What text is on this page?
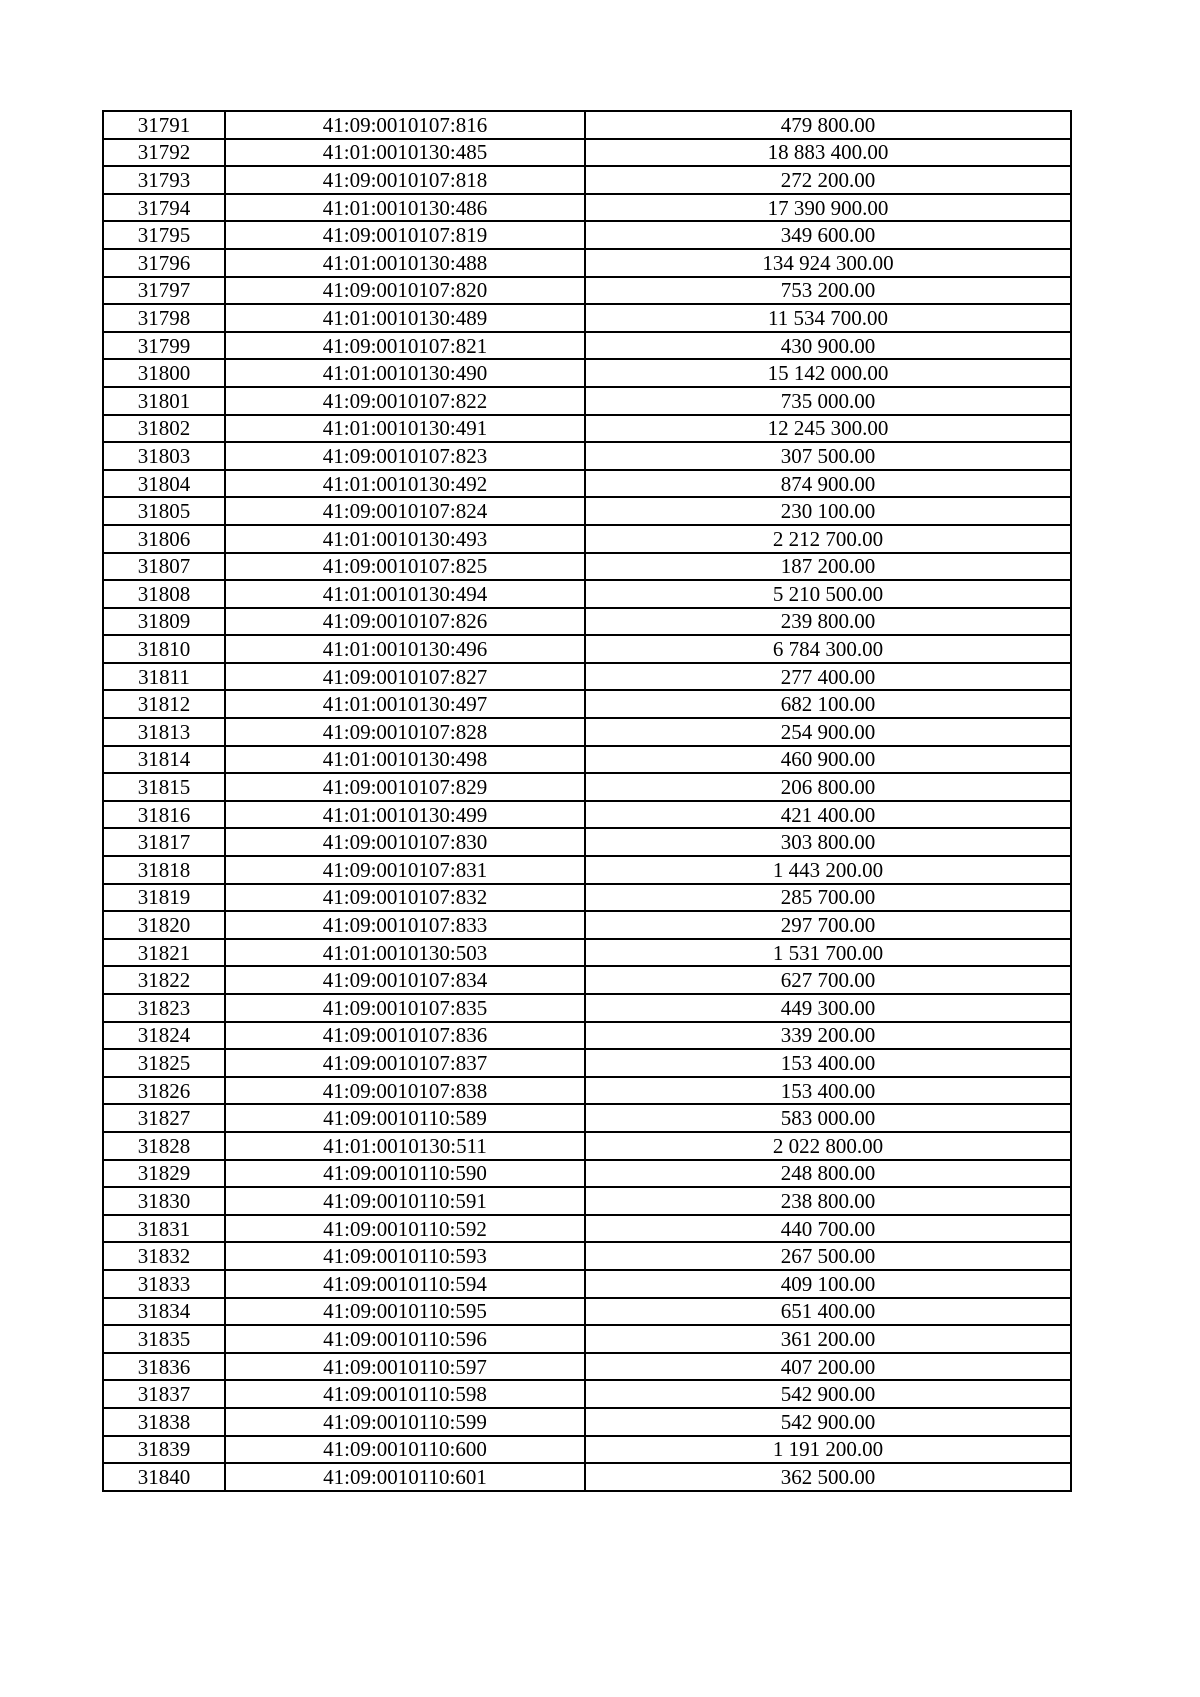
31791	41:09:0010107:816	479 800.00
31792	41:01:0010130:485	18 883 400.00
31793	41:09:0010107:818	272 200.00
31794	41:01:0010130:486	17 390 900.00
31795	41:09:0010107:819	349 600.00
31796	41:01:0010130:488	134 924 300.00
31797	41:09:0010107:820	753 200.00
31798	41:01:0010130:489	11 534 700.00
31799	41:09:0010107:821	430 900.00
31800	41:01:0010130:490	15 142 000.00
31801	41:09:0010107:822	735 000.00
31802	41:01:0010130:491	12 245 300.00
31803	41:09:0010107:823	307 500.00
31804	41:01:0010130:492	874 900.00
31805	41:09:0010107:824	230 100.00
31806	41:01:0010130:493	2 212 700.00
31807	41:09:0010107:825	187 200.00
31808	41:01:0010130:494	5 210 500.00
31809	41:09:0010107:826	239 800.00
31810	41:01:0010130:496	6 784 300.00
31811	41:09:0010107:827	277 400.00
31812	41:01:0010130:497	682 100.00
31813	41:09:0010107:828	254 900.00
31814	41:01:0010130:498	460 900.00
31815	41:09:0010107:829	206 800.00
31816	41:01:0010130:499	421 400.00
31817	41:09:0010107:830	303 800.00
31818	41:09:0010107:831	1 443 200.00
31819	41:09:0010107:832	285 700.00
31820	41:09:0010107:833	297 700.00
31821	41:01:0010130:503	1 531 700.00
31822	41:09:0010107:834	627 700.00
31823	41:09:0010107:835	449 300.00
31824	41:09:0010107:836	339 200.00
31825	41:09:0010107:837	153 400.00
31826	41:09:0010107:838	153 400.00
31827	41:09:0010110:589	583 000.00
31828	41:01:0010130:511	2 022 800.00
31829	41:09:0010110:590	248 800.00
31830	41:09:0010110:591	238 800.00
31831	41:09:0010110:592	440 700.00
31832	41:09:0010110:593	267 500.00
31833	41:09:0010110:594	409 100.00
31834	41:09:0010110:595	651 400.00
31835	41:09:0010110:596	361 200.00
31836	41:09:0010110:597	407 200.00
31837	41:09:0010110:598	542 900.00
31838	41:09:0010110:599	542 900.00
31839	41:09:0010110:600	1 191 200.00
31840	41:09:0010110:601	362 500.00
